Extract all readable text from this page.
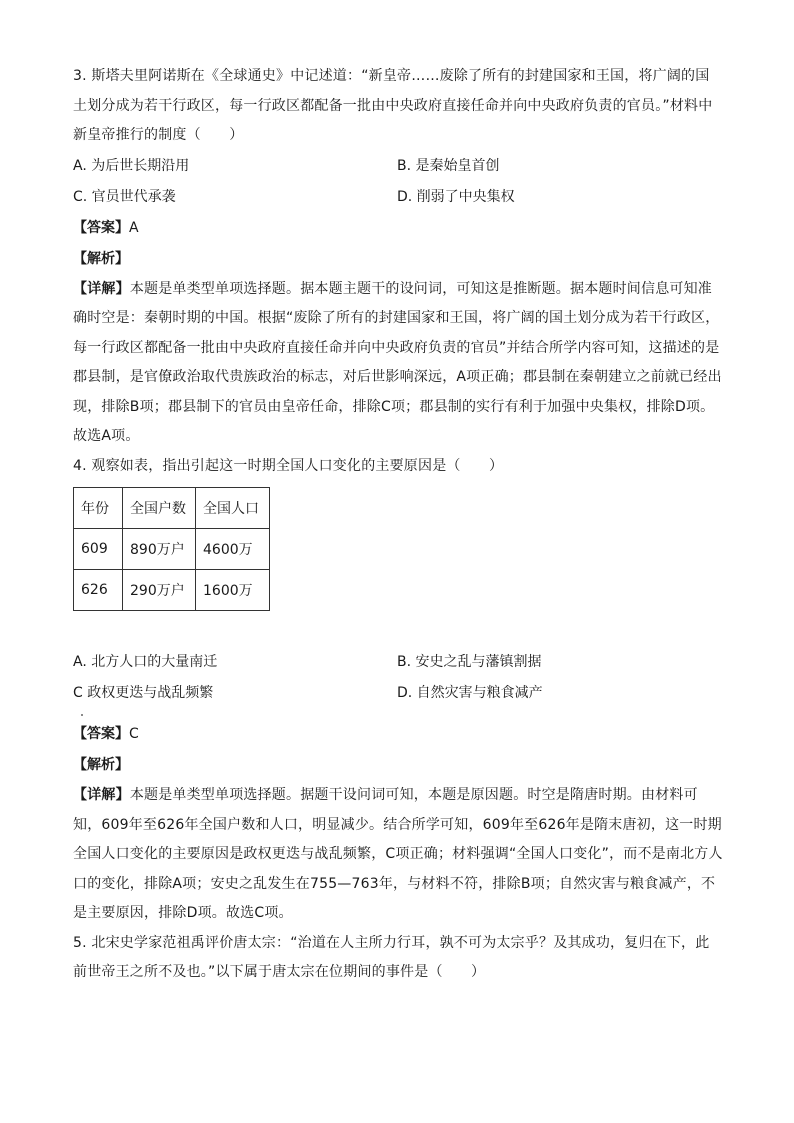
3. 斯塔夫里阿诺斯在《全球通史》中记述道：“新皇帝……废除了所有的封建国家和王国，将广阔的国土划分成为若干行政区，每一行政区都配备一批由中央政府直接任命并向中央政府负责的官员。”材料中新皇帝推行的制度（　　）

A. 为后世长期沿用	B. 是秦始皇首创
C. 官员世代承袭	D. 削弱了中央集权
【答案】A
【解析】

【详解】本题是单类型单项选择题。据本题主题干的设问词，可知这是推断题。据本题时间信息可知准确时空是：秦朝时期的中国。根据“废除了所有的封建国家和王国，将广阔的国土划分成为若干行政区，每一行政区都配备一批由中央政府直接任命并向中央政府负责的官员”并结合所学内容可知，这描述的是郡县制，是官僚政治取代贵族政治的标志，对后世影响深远，A项正确；郡县制在秦朝建立之前就已经出现，排除B项；郡县制下的官员由皇帝任命，排除C项；郡县制的实行有利于加强中央集权，排除D项。故选A项。

4. 观察如表，指出引起这一时期全国人口变化的主要原因是（　　）

年份	全国户数	全国人口
609	890万户	4600万
626	290万户	1600万
A. 北方人口的大量南迁	B. 安史之乱与藩镇割据
C 政权更迭与战乱频繁	D. 自然灾害与粮食减产
【答案】C
【解析】

【详解】本题是单类型单项选择题。据题干设问词可知，本题是原因题。时空是隋唐时期。由材料可知，609年至626年全国户数和人口，明显减少。结合所学可知，609年至626年是隋末唐初，这一时期全国人口变化的主要原因是政权更迭与战乱频繁，C项正确；材料强调“全国人口变化”，而不是南北方人口的变化，排除A项；安史之乱发生在755—763年，与材料不符，排除B项；自然灾害与粮食减产，不是主要原因，排除D项。故选C项。

5. 北宋史学家范祖禹评价唐太宗：“治道在人主所力行耳，孰不可为太宗乎？及其成功，复归在下，此前世帝王之所不及也。”以下属于唐太宗在位期间的事件是（　　）
